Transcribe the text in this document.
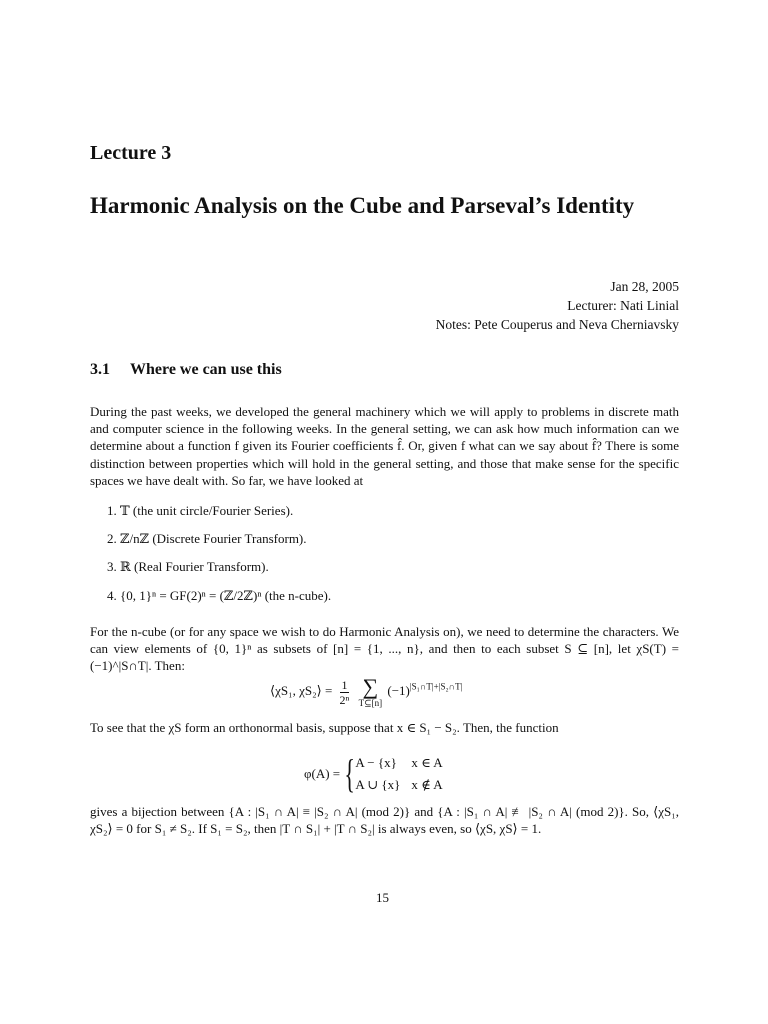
Lecture 3
Harmonic Analysis on the Cube and Parseval’s Identity
Jan 28, 2005
Lecturer: Nati Linial
Notes: Pete Couperus and Neva Cherniavsky
3.1 Where we can use this
During the past weeks, we developed the general machinery which we will apply to problems in discrete math and computer science in the following weeks. In the general setting, we can ask how much information can we determine about a function f given its Fourier coefficients f̂. Or, given f what can we say about f̂? There is some distinction between properties which will hold in the general setting, and those that make sense for the specific spaces we have dealt with. So far, we have looked at
1. 𝕋 (the unit circle/Fourier Series).
2. ℤ/nℤ (Discrete Fourier Transform).
3. ℝ (Real Fourier Transform).
4. {0, 1}ⁿ = GF(2)ⁿ = (ℤ/2ℤ)ⁿ (the n-cube).
For the n-cube (or for any space we wish to do Harmonic Analysis on), we need to determine the characters. We can view elements of {0, 1}ⁿ as subsets of [n] = {1, ..., n}, and then to each subset S ⊆ [n], let χS(T) = (−1)^|S∩T|. Then:
⟨χS₁, χS₂⟩ = $\frac{1}{\text{2ⁿ}}$
∑
T⊆[n]
$(-1)^{|S_1\cap T|+|S_2\cap T|}$
To see that the χS form an orthonormal basis, suppose that x ∈ S₁ − S₂. Then, the function
φ(A) = { A − {x} x ∈ A
A ∪ {x} x ∉ A
gives a bijection between {A : |S₁ ∩ A| ≡ |S₂ ∩ A| (mod 2)} and {A : |S₁ ∩ A| ≢ |S₂ ∩ A| (mod 2)}. So, ⟨χS₁, χS₂⟩ = 0 for S₁ ≠ S₂. If S₁ = S₂, then |T ∩ S₁| + |T ∩ S₂| is always even, so ⟨χS, χS⟩ = 1.
15
